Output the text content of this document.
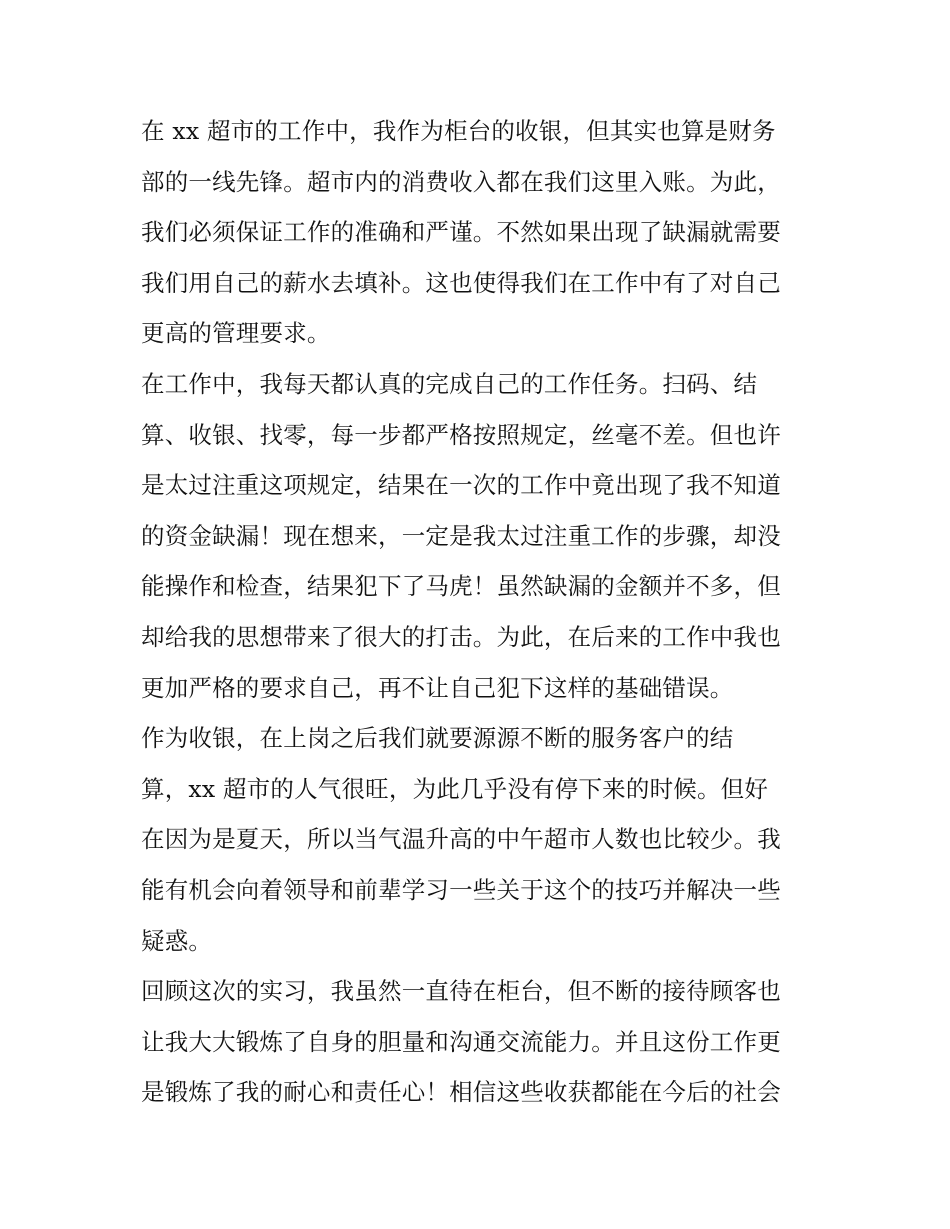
在 xx 超市的工作中，我作为柜台的收银，但其实也算是财务
部的一线先锋。超市内的消费收入都在我们这里入账。为此，
我们必须保证工作的准确和严谨。不然如果出现了缺漏就需要
我们用自己的薪水去填补。这也使得我们在工作中有了对自己
更高的管理要求。
在工作中，我每天都认真的完成自己的工作任务。扫码、结
算、收银、找零，每一步都严格按照规定，丝毫不差。但也许
是太过注重这项规定，结果在一次的工作中竟出现了我不知道
的资金缺漏！现在想来，一定是我太过注重工作的步骤，却没
能操作和检查，结果犯下了马虎！虽然缺漏的金额并不多，但
却给我的思想带来了很大的打击。为此，在后来的工作中我也
更加严格的要求自己，再不让自己犯下这样的基础错误。
作为收银，在上岗之后我们就要源源不断的服务客户的结
算，xx 超市的人气很旺，为此几乎没有停下来的时候。但好
在因为是夏天，所以当气温升高的中午超市人数也比较少。我
能有机会向着领导和前辈学习一些关于这个的技巧并解决一些
疑惑。
回顾这次的实习，我虽然一直待在柜台，但不断的接待顾客也
让我大大锻炼了自身的胆量和沟通交流能力。并且这份工作更
是锻炼了我的耐心和责任心！相信这些收获都能在今后的社会
